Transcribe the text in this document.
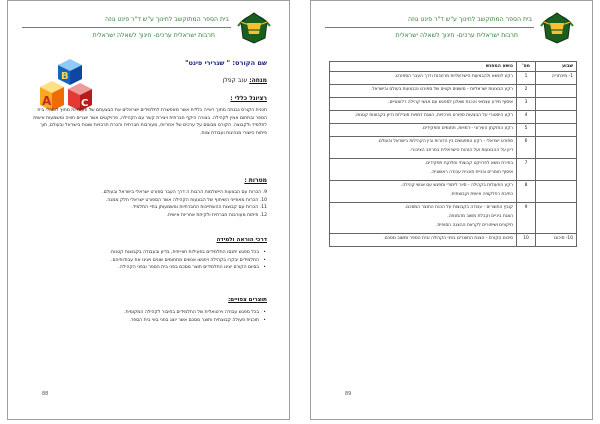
בית הספר המתוקשב לחינוך ע"ש ד"ר פינט גוזה
תרבות ישראלית ערכים- חינוך לשאלה ישראלית
שם הקורס: " שגרירי פינט"
B
A	C
מנחה: ענב קפלן
רציונל כללי :

תכנית הקורס נבנתה מתוך ראייה כללית אשר מאפשרת לתלמידים ישראלים את הבצעתם של פעילויות מחוץ לכותלי בית הספר ובתחום אמין לקהילה. בצורה היקף חברתית ויצירת קשר עם הקהילה, פרויקטים אשר יוצרים חוויה ומשמעות אישית לתלמיד ולקבוצה. הקורס מבוסס על ערכים של אחריות, מעורבות חברתית והכרת תרבויות שונות בישראל ובעולם, תוך פיתוח כישורי מנהיגות ועבודת צוות.

מטרות :

9. הכרות עם הבצעות היישלמות הרבות ה דרך העבר ספורט ישראלי בישראל ובעולם.

10. הכרות מאפייני השיתוף של הבצעות הקהילה אשר הספורט ישראלי חלק ממנה.

11. הכרות עם קבוצות ההשתייכות החברתיות ומשמעותן בחיי התלמיד.

12. פיתוח מעורבות חברתית ולקיחת אחריות אישית.

דרכי הוראה ולמידה
• בכל מפגש יתנסו התלמידים בפעילות חווייתית, בדיון ובעבודה בקבוצות קטנות.
• התלמידים יבקרו בקהילה ויפגשו אנשים מתחומים שונים ויציגו את עבודותיהם.
• בסיום הקורס יציגו התלמידים תוצר מסכם בפני בית הספר ובפני הקהילה.
תוצרים צפויים:
• בכל מפגש עבודה וירטואלית של התלמידים בחיבור לקהילה המקומית.
• תוכנית פעולה קבוצתית ותוצר מסכם אשר יוצג בפני באי בית הספר.
88
בית הספר המתוקשב לחינוך ע"ש ד"ר פינט גוזה
תרבות ישראלית ערכים- חינוך לשאלה ישראלית
שבוע	מס'	נושא המפגש
1- מיכתריה	1	רקע לנושא ולהבצעות הישראליות מרחבות ודרך העבר הספורט.

	2	רקע הבצעות ישראליות - מושגים וקווים של ספורט והבצעות בעולם ובישראל.

	3	איסוף מידע עצמאי והכנת שאלון למפגש עם אנשי קהילה רלוונטיים.

	4	רקע היסטורי על הבצעות ספורט מרכזיות, הצגת דמויות מובילות ודיון בקבוצות קטנות.

	5	רקע החזקתן העירוני - דמויות, תחומים ותפקידים.

	6	ספורט ישראלי - רקע המפגשים בין הדורות ובין הקהילות בישראל ובעולם.

דיון על ההבצעות ועל הזהות הישראלית במרחב הציבורי.

	7	בחירת נושא לפרויקט קבוצתי וחלוקת תפקידים.

איסוף חומרים ובניית תוכנית עבודה ראשונית.

	8	רקע הפעולות בקהילה - סיור לימודי ומפגש עם אנשי קהילה.

כתיבת רפלקציה אישית וקבוצתית.

	9	קובץ התוצרים - עבודה בקבוצות על הכנת התוצר המסכם.

הצגת ביניים וקבלת משוב מהמנחה.

תיקונים ושיפורים לקראת ההצגה הסופית.

10- סיכום	10	סיכום הקורס - הצגת התוצרים בפני הקהילה ובית הספר ומשוב מסכם.

89
